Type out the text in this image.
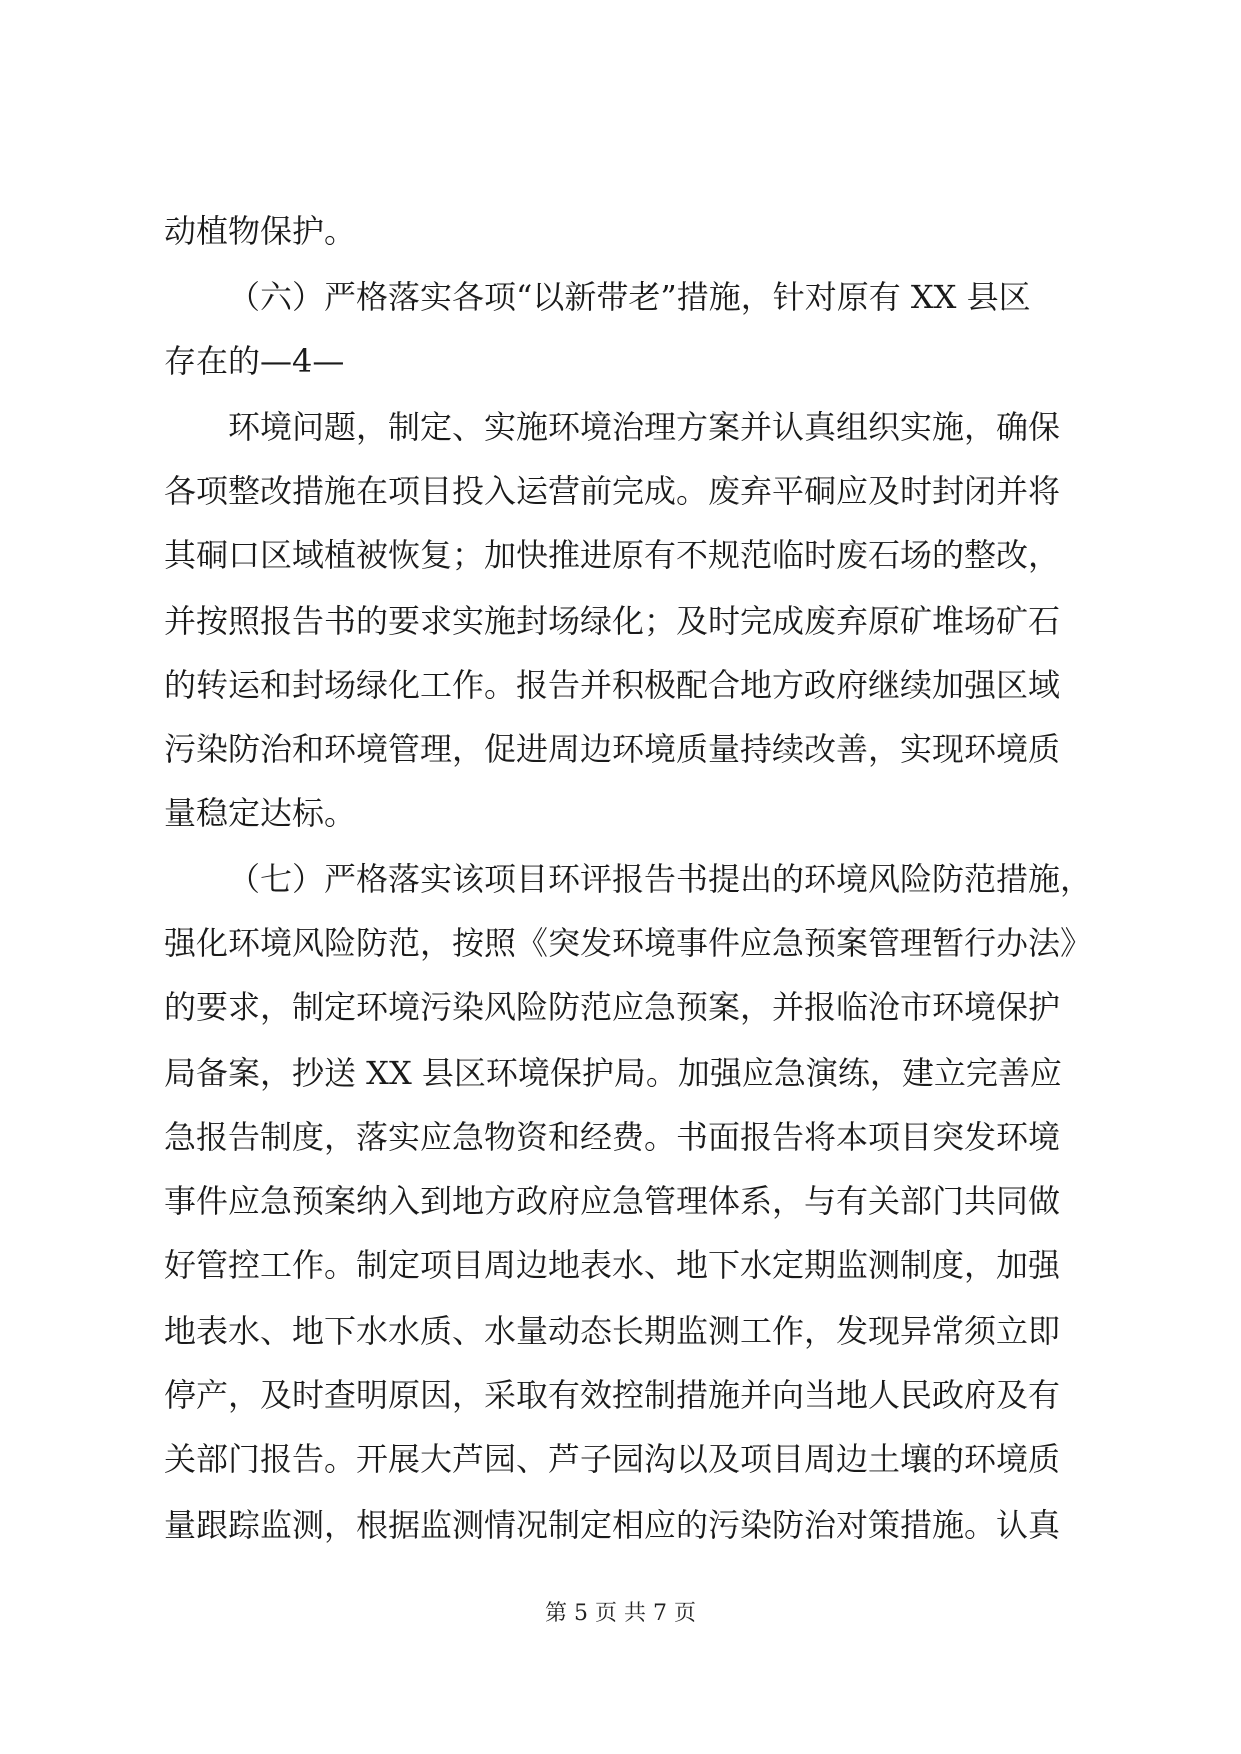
动植物保护。
（六）严格落实各项“以新带老”措施，针对原有 XX 县区
存在的—4—
环境问题，制定、实施环境治理方案并认真组织实施，确保
各项整改措施在项目投入运营前完成。废弃平硐应及时封闭并将
其硐口区域植被恢复；加快推进原有不规范临时废石场的整改，
并按照报告书的要求实施封场绿化；及时完成废弃原矿堆场矿石
的转运和封场绿化工作。报告并积极配合地方政府继续加强区域
污染防治和环境管理，促进周边环境质量持续改善，实现环境质
量稳定达标。
（七）严格落实该项目环评报告书提出的环境风险防范措施，
强化环境风险防范，按照《突发环境事件应急预案管理暂行办法》
的要求，制定环境污染风险防范应急预案，并报临沧市环境保护
局备案，抄送 XX 县区环境保护局。加强应急演练，建立完善应
急报告制度，落实应急物资和经费。书面报告将本项目突发环境
事件应急预案纳入到地方政府应急管理体系，与有关部门共同做
好管控工作。制定项目周边地表水、地下水定期监测制度，加强
地表水、地下水水质、水量动态长期监测工作，发现异常须立即
停产，及时查明原因，采取有效控制措施并向当地人民政府及有
关部门报告。开展大芦园、芦子园沟以及项目周边土壤的环境质
量跟踪监测，根据监测情况制定相应的污染防治对策措施。认真
第 5 页 共 7 页
